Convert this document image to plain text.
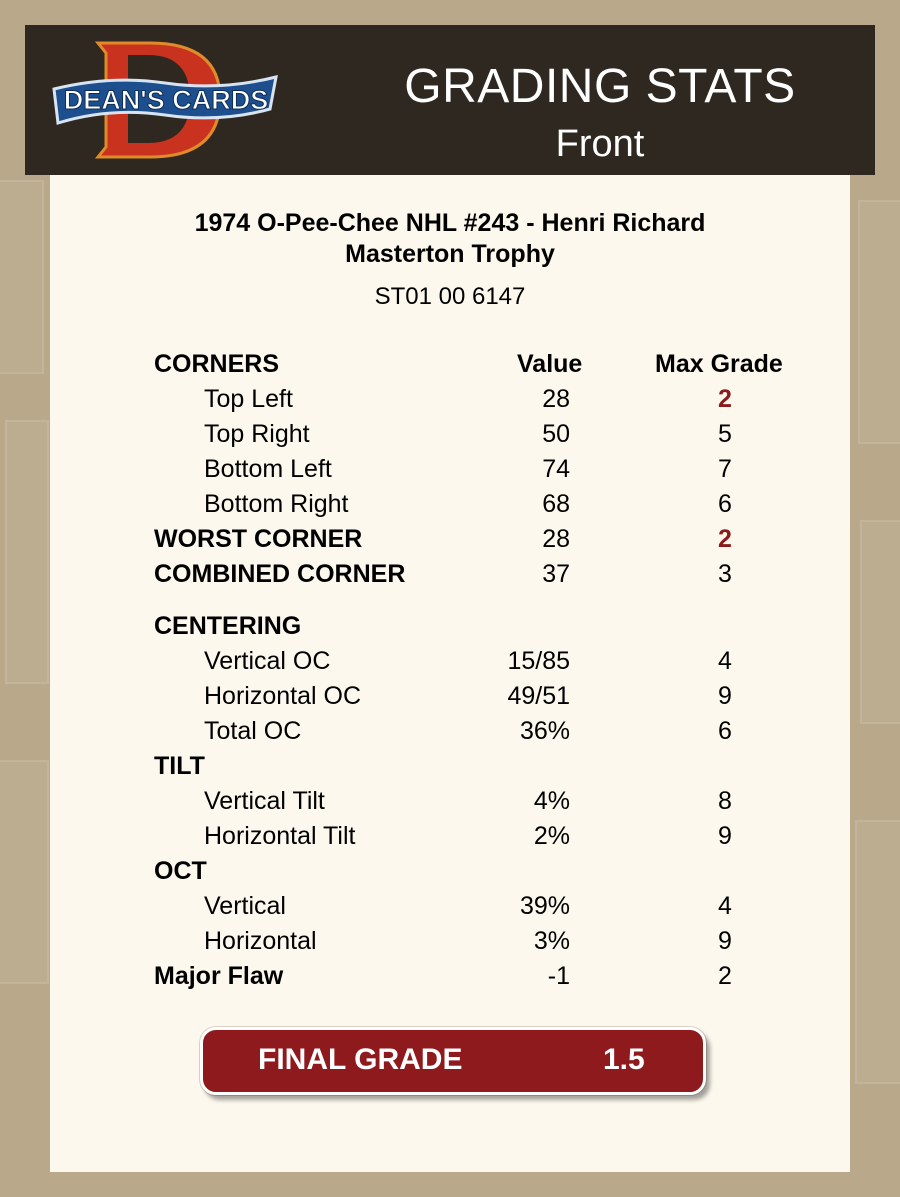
DEAN'S CARDS	GRADING STATS
Front
1974 O-Pee-Chee NHL #243 - Henri Richard
Masterton Trophy
ST01 00 6147
CORNERS	Value	Max Grade
Top Left	28	2
Top Right	50	5
Bottom Left	74	7
Bottom Right	68	6
WORST CORNER	28	2
COMBINED CORNER	37	3
CENTERING
Vertical OC	15/85	4
Horizontal OC	49/51	9
Total OC	36%	6
TILT
Vertical Tilt	4%	8
Horizontal Tilt	2%	9
OCT
Vertical	39%	4
Horizontal	3%	9
Major Flaw	-1	2
FINAL GRADE	1.5
